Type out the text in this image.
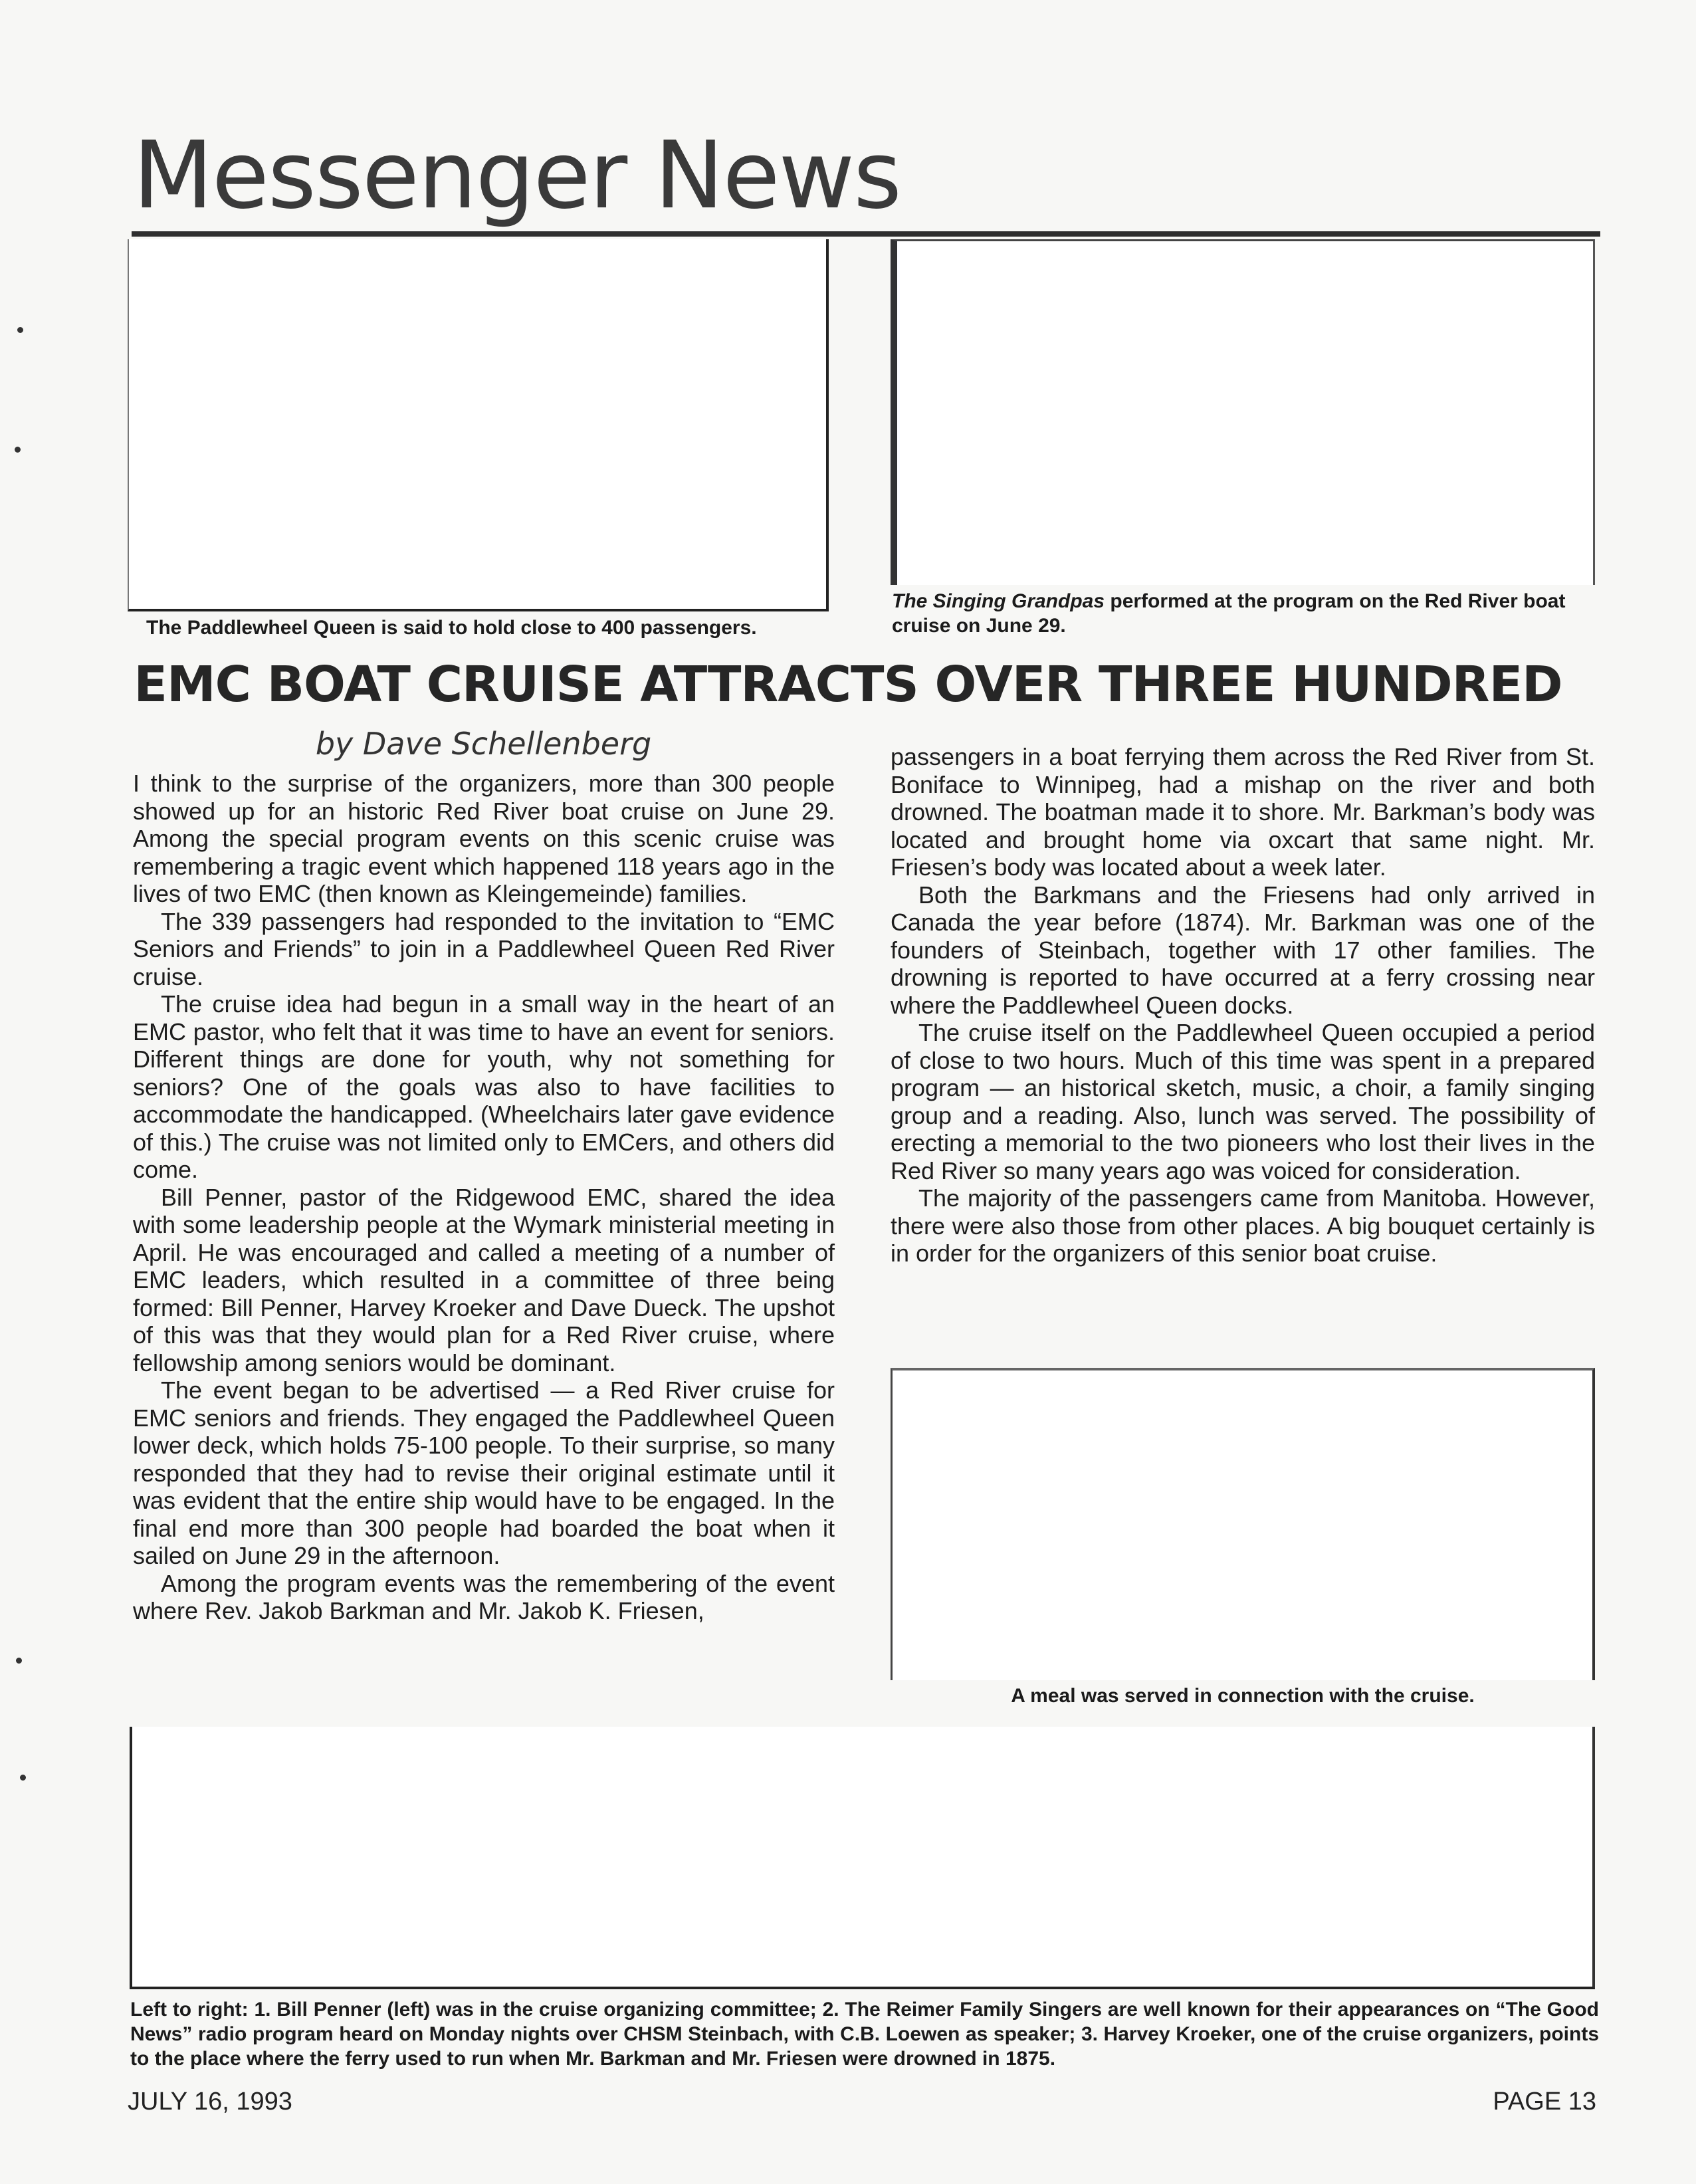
Messenger News

The Paddlewheel Queen is said to hold close to 400 passengers.

The Singing Grandpas performed at the program on the Red River boat cruise on June 29.

EMC BOAT CRUISE ATTRACTS OVER THREE HUNDRED

by Dave Schellenberg

I think to the surprise of the organizers, more than 300 people showed up for an historic Red River boat cruise on June 29. Among the special program events on this scenic cruise was remembering a tragic event which happened 118 years ago in the lives of two EMC (then known as Kleingemeinde) families.

The 339 passengers had responded to the invitation to “EMC Seniors and Friends” to join in a Paddlewheel Queen Red River cruise.

The cruise idea had begun in a small way in the heart of an EMC pastor, who felt that it was time to have an event for seniors. Different things are done for youth, why not something for seniors? One of the goals was also to have facilities to accommodate the handicapped. (Wheelchairs later gave evidence of this.) The cruise was not limited only to EMCers, and others did come.

Bill Penner, pastor of the Ridgewood EMC, shared the idea with some leadership people at the Wymark ministerial meeting in April. He was encouraged and called a meeting of a number of EMC leaders, which resulted in a committee of three being formed: Bill Penner, Harvey Kroeker and Dave Dueck. The upshot of this was that they would plan for a Red River cruise, where fellowship among seniors would be dominant.

The event began to be advertised — a Red River cruise for EMC seniors and friends. They engaged the Paddlewheel Queen lower deck, which holds 75-100 people. To their surprise, so many responded that they had to revise their original estimate until it was evident that the entire ship would have to be engaged. In the final end more than 300 people had boarded the boat when it sailed on June 29 in the afternoon.

Among the program events was the remembering of the event where Rev. Jakob Barkman and Mr. Jakob K. Friesen,

passengers in a boat ferrying them across the Red River from St. Boniface to Winnipeg, had a mishap on the river and both drowned. The boatman made it to shore. Mr. Barkman’s body was located and brought home via oxcart that same night. Mr. Friesen’s body was located about a week later.

Both the Barkmans and the Friesens had only arrived in Canada the year before (1874). Mr. Barkman was one of the founders of Steinbach, together with 17 other families. The drowning is reported to have occurred at a ferry crossing near where the Paddlewheel Queen docks.

The cruise itself on the Paddlewheel Queen occupied a period of close to two hours. Much of this time was spent in a prepared program — an historical sketch, music, a choir, a family singing group and a reading. Also, lunch was served. The possibility of erecting a memorial to the two pioneers who lost their lives in the Red River so many years ago was voiced for consideration.

The majority of the passengers came from Manitoba. However, there were also those from other places. A big bouquet certainly is in order for the organizers of this senior boat cruise.

A meal was served in connection with the cruise.

Left to right: 1. Bill Penner (left) was in the cruise organizing committee; 2. The Reimer Family Singers are well known for their appearances on “The Good News” radio program heard on Monday nights over CHSM Steinbach, with C.B. Loewen as speaker; 3. Harvey Kroeker, one of the cruise organizers, points to the place where the ferry used to run when Mr. Barkman and Mr. Friesen were drowned in 1875.

JULY 16, 1993	PAGE 13
